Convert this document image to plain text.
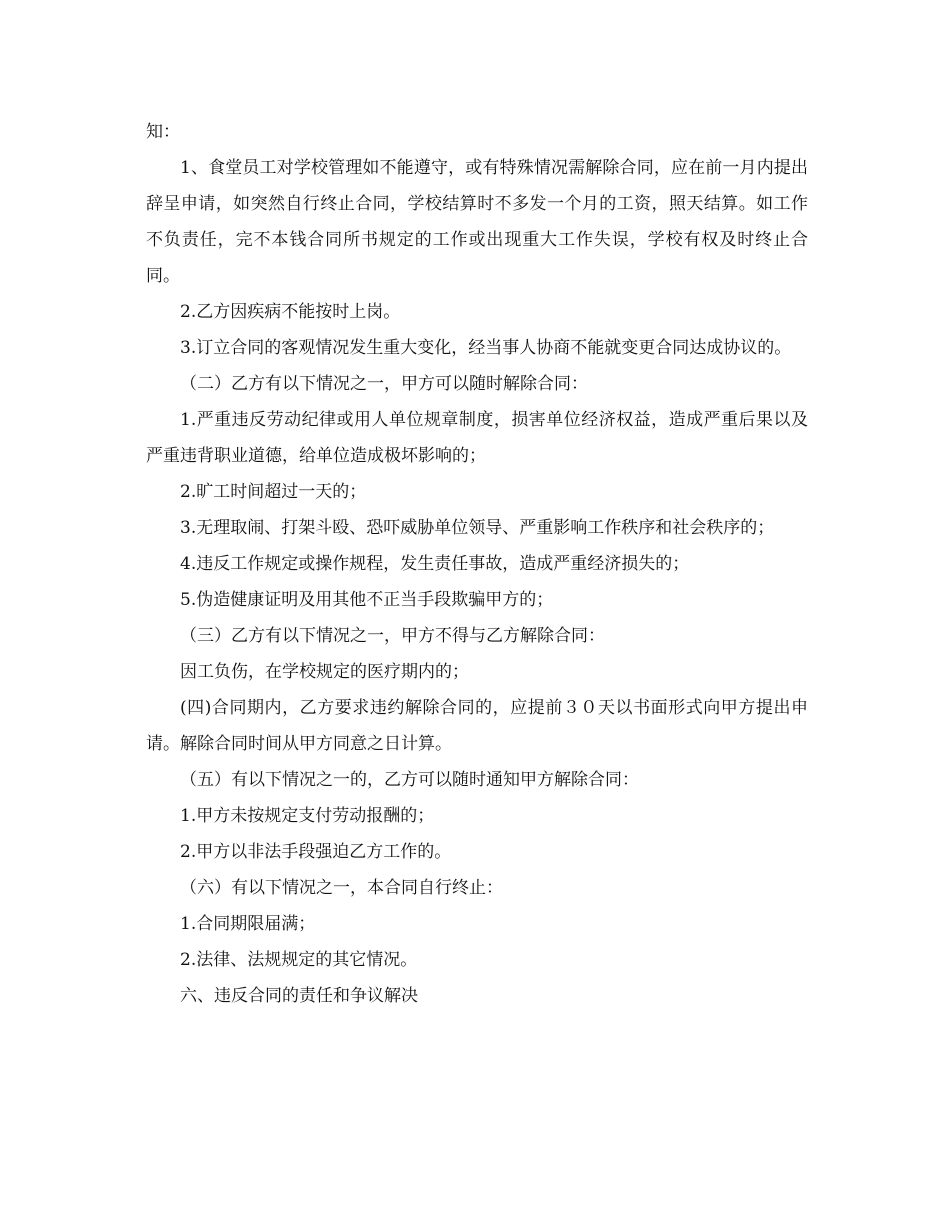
知：

1、食堂员工对学校管理如不能遵守，或有特殊情况需解除合同，应在前一月内提出辞呈申请，如突然自行终止合同，学校结算时不多发一个月的工资，照天结算。如工作不负责任，完不本钱合同所书规定的工作或出现重大工作失误，学校有权及时终止合同。

2.乙方因疾病不能按时上岗。

3.订立合同的客观情况发生重大变化，经当事人协商不能就变更合同达成协议的。

（二）乙方有以下情况之一，甲方可以随时解除合同：

1.严重违反劳动纪律或用人单位规章制度，损害单位经济权益，造成严重后果以及严重违背职业道德，给单位造成极坏影响的；

2.旷工时间超过一天的；

3.无理取闹、打架斗殴、恐吓威胁单位领导、严重影响工作秩序和社会秩序的；

4.违反工作规定或操作规程，发生责任事故，造成严重经济损失的；

5.伪造健康证明及用其他不正当手段欺骗甲方的；

（三）乙方有以下情况之一，甲方不得与乙方解除合同：

因工负伤，在学校规定的医疗期内的；

(四)合同期内，乙方要求违约解除合同的，应提前３０天以书面形式向甲方提出申请。解除合同时间从甲方同意之日计算。

（五）有以下情况之一的，乙方可以随时通知甲方解除合同：

1.甲方未按规定支付劳动报酬的；

2.甲方以非法手段强迫乙方工作的。

（六）有以下情况之一，本合同自行终止：

1.合同期限届满；

2.法律、法规规定的其它情况。

六、违反合同的责任和争议解决
